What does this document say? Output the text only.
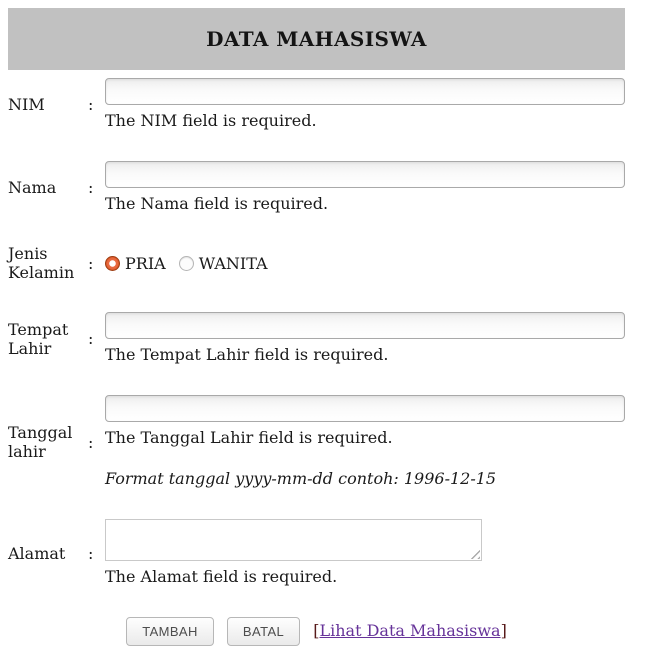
DATA MAHASISWA
NIM	:	The NIM field is required.

Nama	:	The Nama field is required.

Jenis Kelamin	:	PRIA WANITA

Tempat Lahir	:	The Tempat Lahir field is required.

Tanggal lahir	:	The Tanggal Lahir field is required.
Format tanggal yyyy-mm-dd contoh: 1996-12-15

Alamat	:	The Alamat field is required.

TAMBAH BATAL [Lihat Data Mahasiswa]		
